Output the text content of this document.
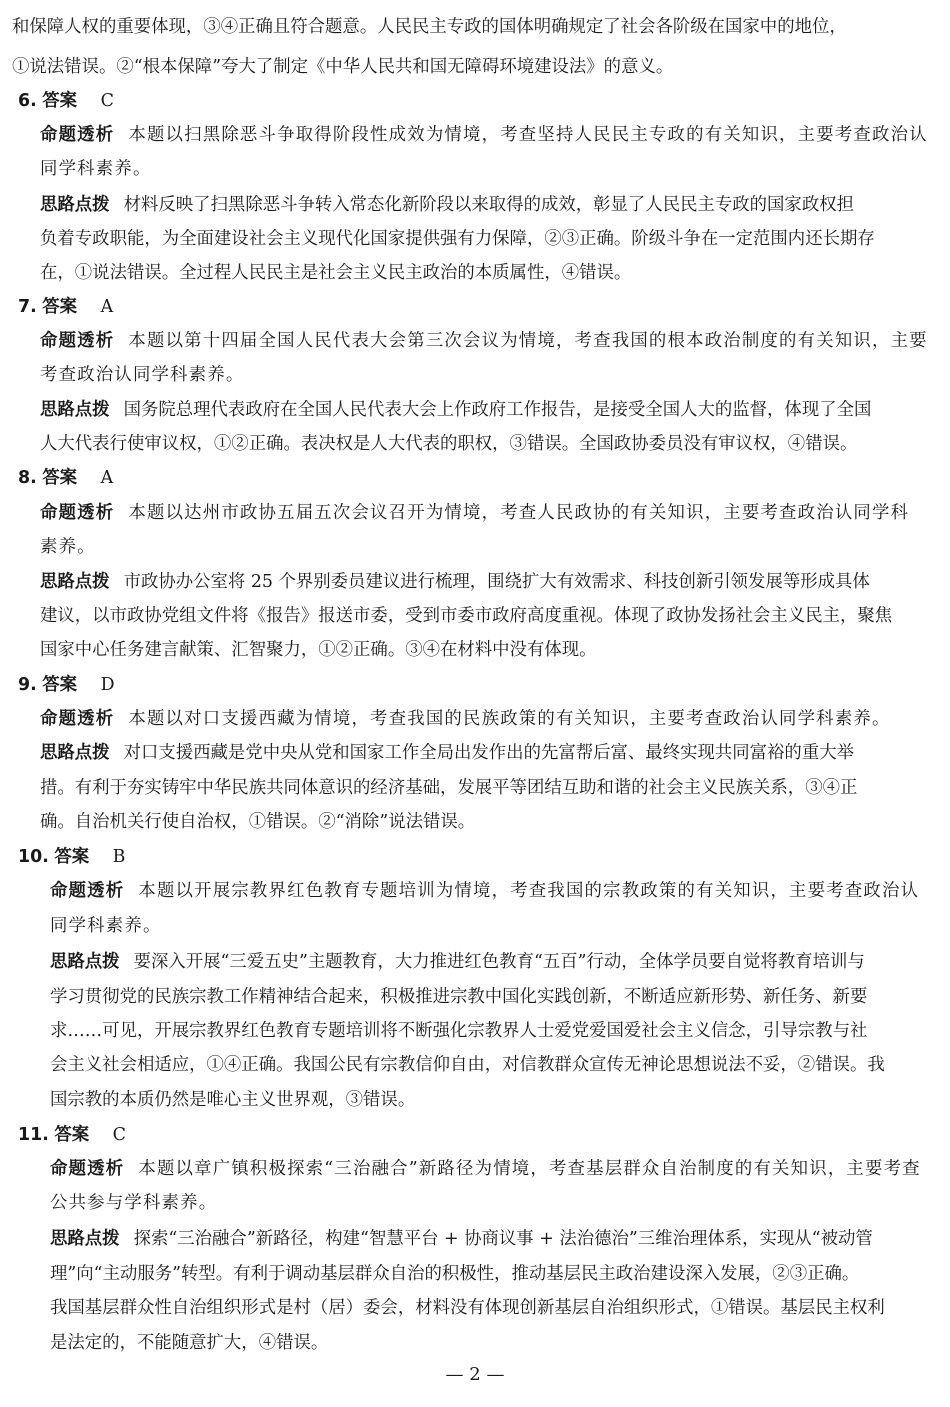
和保障人权的重要体现，③④正确且符合题意。人民民主专政的国体明确规定了社会各阶级在国家中的地位，
①说法错误。②“根本保障”夸大了制定《中华人民共和国无障碍环境建设法》的意义。
6. 答案 C
命题透析 本题以扫黑除恶斗争取得阶段性成效为情境，考查坚持人民民主专政的有关知识，主要考查政治认
同学科素养。
思路点拨 材料反映了扫黑除恶斗争转入常态化新阶段以来取得的成效，彰显了人民民主专政的国家政权担
负着专政职能，为全面建设社会主义现代化国家提供强有力保障，②③正确。阶级斗争在一定范围内还长期存
在，①说法错误。全过程人民民主是社会主义民主政治的本质属性，④错误。
7. 答案 A
命题透析 本题以第十四届全国人民代表大会第三次会议为情境，考查我国的根本政治制度的有关知识，主要
考查政治认同学科素养。
思路点拨 国务院总理代表政府在全国人民代表大会上作政府工作报告，是接受全国人大的监督，体现了全国
人大代表行使审议权，①②正确。表决权是人大代表的职权，③错误。全国政协委员没有审议权，④错误。
8. 答案 A
命题透析 本题以达州市政协五届五次会议召开为情境，考查人民政协的有关知识，主要考查政治认同学科
素养。
思路点拨 市政协办公室将 25 个界别委员建议进行梳理，围绕扩大有效需求、科技创新引领发展等形成具体
建议，以市政协党组文件将《报告》报送市委，受到市委市政府高度重视。体现了政协发扬社会主义民主，聚焦
国家中心任务建言献策、汇智聚力，①②正确。③④在材料中没有体现。
9. 答案 D
命题透析 本题以对口支援西藏为情境，考查我国的民族政策的有关知识，主要考查政治认同学科素养。
思路点拨 对口支援西藏是党中央从党和国家工作全局出发作出的先富帮后富、最终实现共同富裕的重大举
措。有利于夯实铸牢中华民族共同体意识的经济基础，发展平等团结互助和谐的社会主义民族关系，③④正
确。自治机关行使自治权，①错误。②“消除”说法错误。
10. 答案 B
命题透析 本题以开展宗教界红色教育专题培训为情境，考查我国的宗教政策的有关知识，主要考查政治认
同学科素养。
思路点拨 要深入开展“三爱五史”主题教育，大力推进红色教育“五百”行动，全体学员要自觉将教育培训与
学习贯彻党的民族宗教工作精神结合起来，积极推进宗教中国化实践创新，不断适应新形势、新任务、新要
求……可见，开展宗教界红色教育专题培训将不断强化宗教界人士爱党爱国爱社会主义信念，引导宗教与社
会主义社会相适应，①④正确。我国公民有宗教信仰自由，对信教群众宣传无神论思想说法不妥，②错误。我
国宗教的本质仍然是唯心主义世界观，③错误。
11. 答案 C
命题透析 本题以章广镇积极探索“三治融合”新路径为情境，考查基层群众自治制度的有关知识，主要考查
公共参与学科素养。
思路点拨 探索“三治融合”新路径，构建“智慧平台 + 协商议事 + 法治德治”三维治理体系，实现从“被动管
理”向“主动服务”转型。有利于调动基层群众自治的积极性，推动基层民主政治建设深入发展，②③正确。
我国基层群众性自治组织形式是村（居）委会，材料没有体现创新基层自治组织形式，①错误。基层民主权利
是法定的，不能随意扩大，④错误。
— 2 —
